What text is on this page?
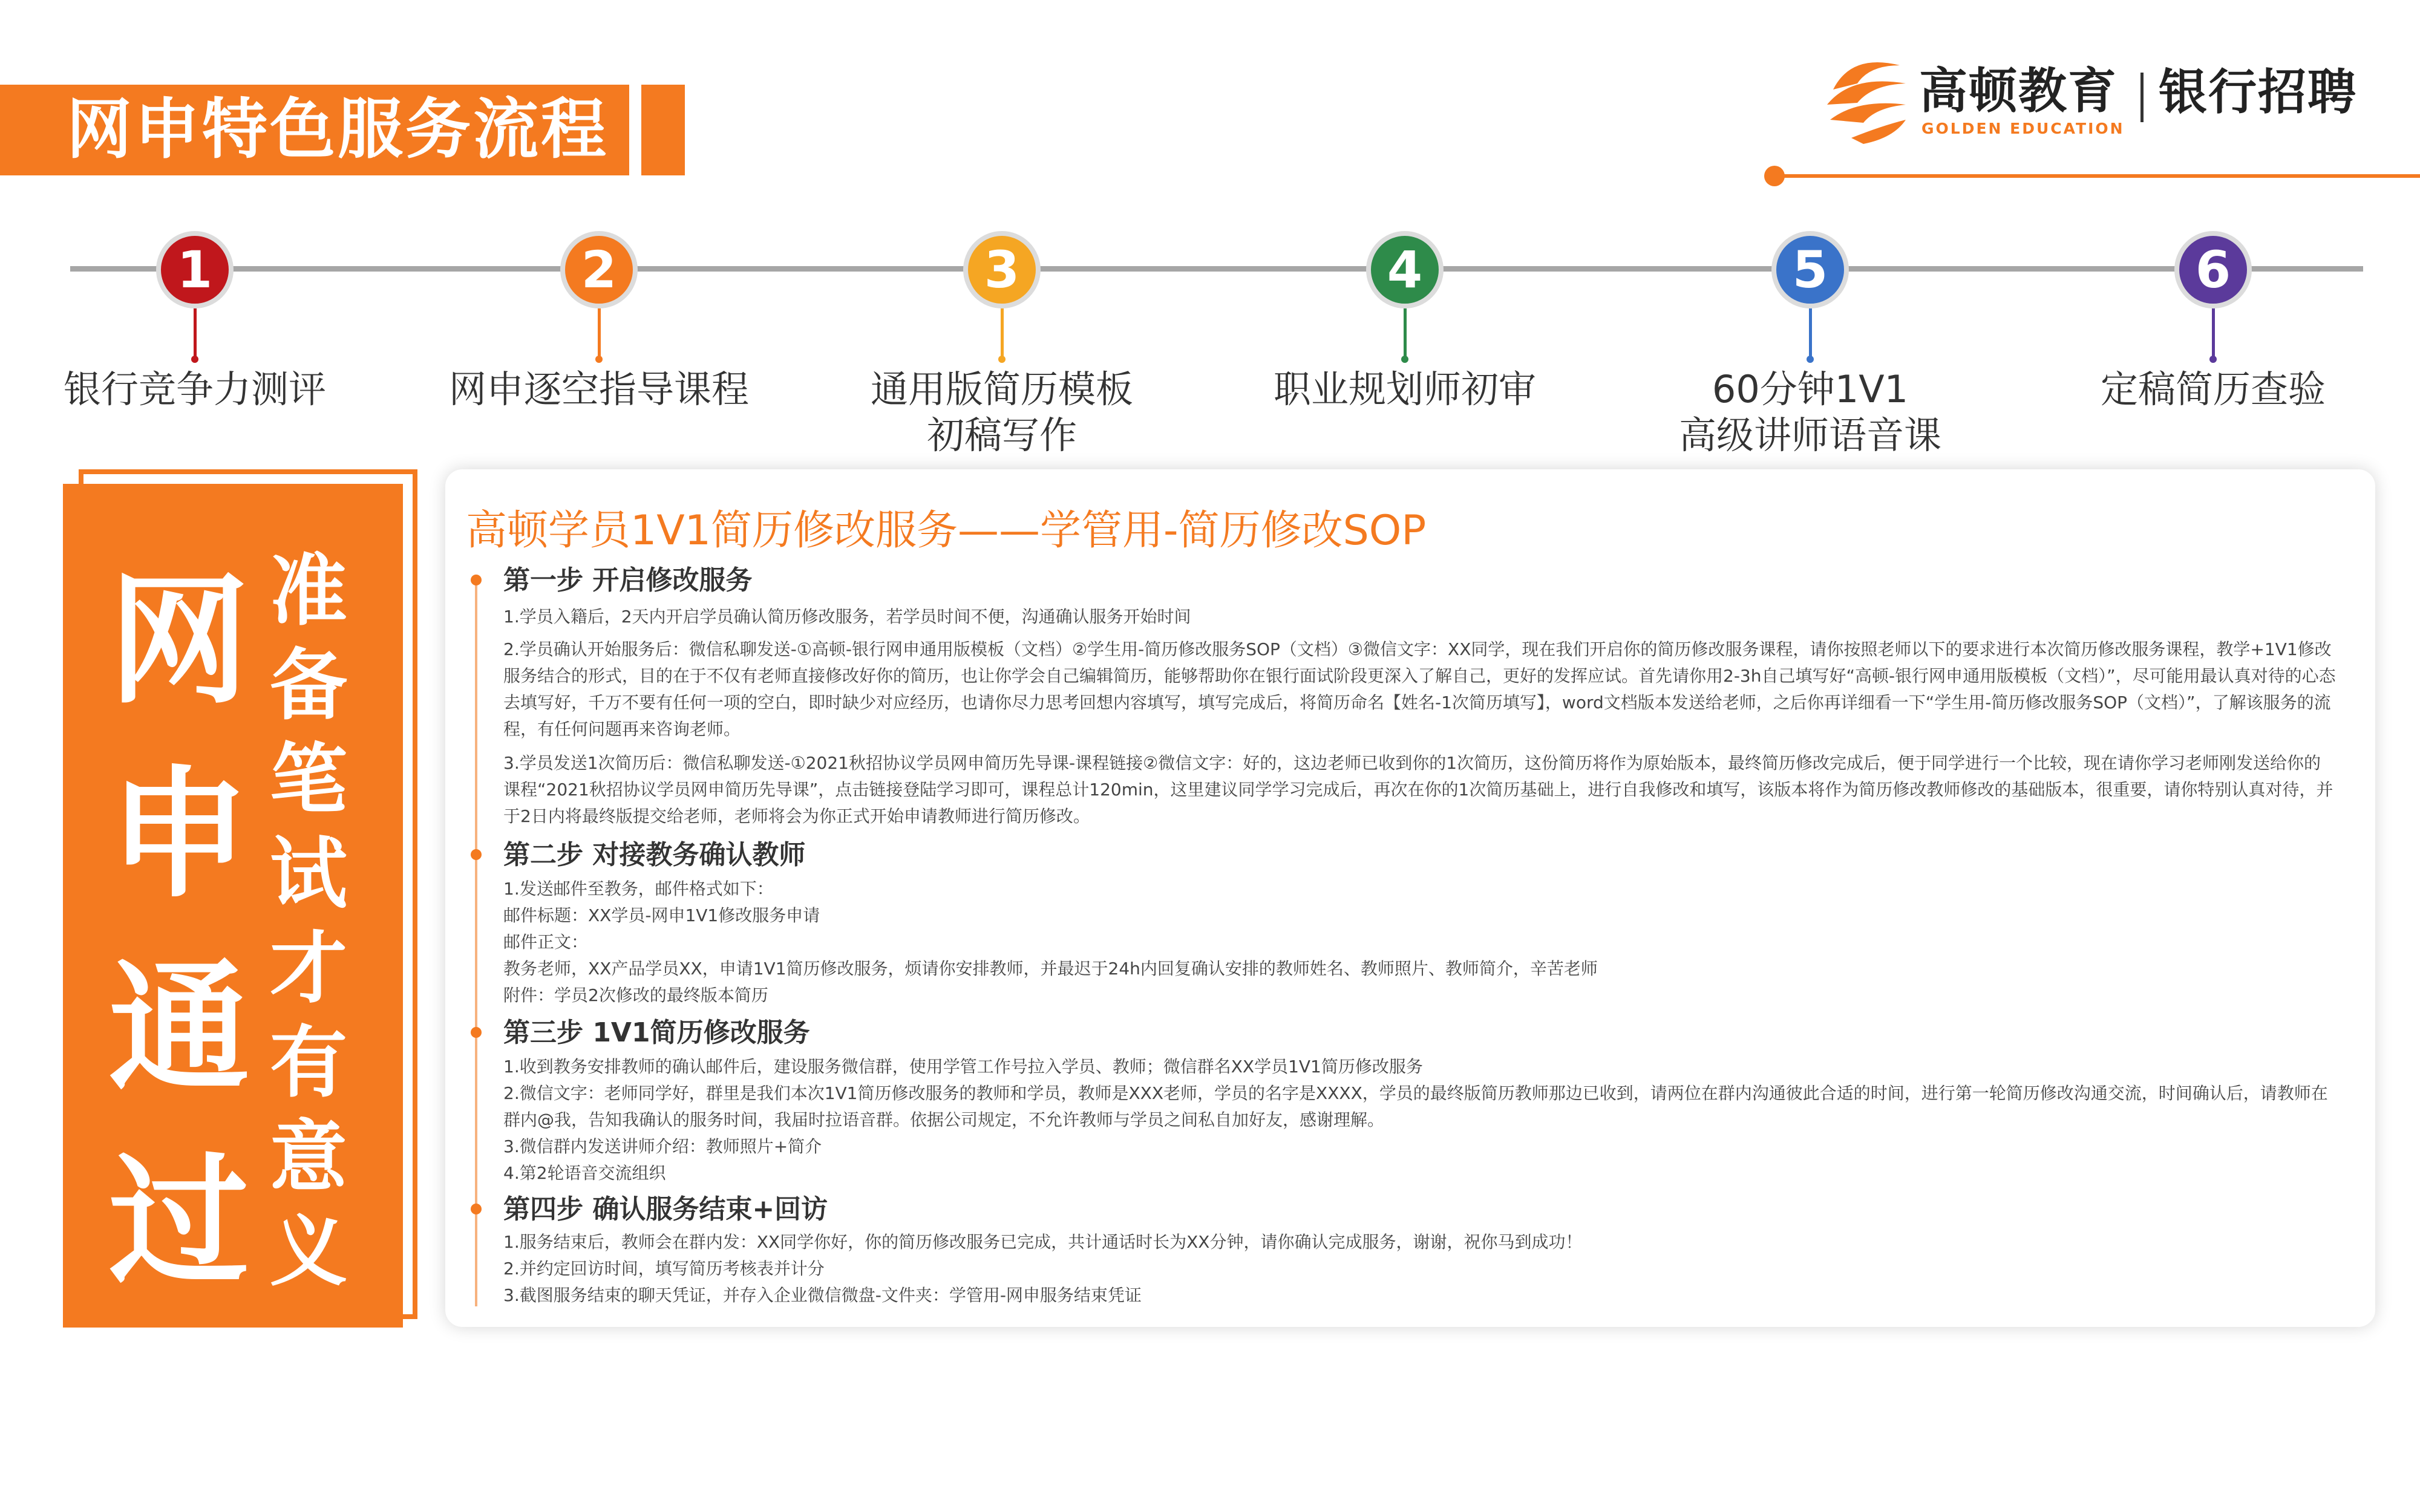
网申特色服务流程
高顿教育
GOLDEN EDUCATION
银行招聘
1
银行竞争力测评
2
网申逐空指导课程
3
通用版简历模板
初稿写作
4
职业规划师初审
5
60分钟1V1
高级讲师语音课
6
定稿简历查验
网申通过了
准备笔试才有意义
高顿学员1V1简历修改服务——学管用-简历修改SOP
第一步 开启修改服务
1.学员入籍后，2天内开启学员确认简历修改服务，若学员时间不便，沟通确认服务开始时间
2.学员确认开始服务后：微信私聊发送-①高顿-银行网申通用版模板（文档）②学生用-简历修改服务SOP（文档）③微信文字：XX同学，现在我们开启你的简历修改服务课程，请你按照老师以下的要求进行本次简历修改服务课程，教学+1V1修改服务结合的形式，目的在于不仅有老师直接修改好你的简历，也让你学会自己编辑简历，能够帮助你在银行面试阶段更深入了解自己，更好的发挥应试。首先请你用2-3h自己填写好“高顿-银行网申通用版模板（文档）”，尽可能用最认真对待的心态去填写好，千万不要有任何一项的空白，即时缺少对应经历，也请你尽力思考回想内容填写，填写完成后，将简历命名【姓名-1次简历填写】，word文档版本发送给老师，之后你再详细看一下“学生用-简历修改服务SOP（文档）”，了解该服务的流程，有任何问题再来咨询老师。
3.学员发送1次简历后：微信私聊发送-①2021秋招协议学员网申简历先导课-课程链接②微信文字：好的，这边老师已收到你的1次简历，这份简历将作为原始版本，最终简历修改完成后，便于同学进行一个比较，现在请你学习老师刚发送给你的课程“2021秋招协议学员网申简历先导课”，点击链接登陆学习即可，课程总计120min，这里建议同学学习完成后，再次在你的1次简历基础上，进行自我修改和填写，该版本将作为简历修改教师修改的基础版本，很重要，请你特别认真对待，并于2日内将最终版提交给老师，老师将会为你正式开始申请教师进行简历修改。
第二步 对接教务确认教师
1.发送邮件至教务，邮件格式如下：
邮件标题：XX学员-网申1V1修改服务申请
邮件正文：
教务老师，XX产品学员XX，申请1V1简历修改服务，烦请你安排教师，并最迟于24h内回复确认安排的教师姓名、教师照片、教师简介，辛苦老师
附件：学员2次修改的最终版本简历
第三步 1V1简历修改服务
1.收到教务安排教师的确认邮件后，建设服务微信群，使用学管工作号拉入学员、教师；微信群名XX学员1V1简历修改服务
2.微信文字：老师同学好，群里是我们本次1V1简历修改服务的教师和学员，教师是XXX老师，学员的名字是XXXX，学员的最终版简历教师那边已收到，请两位在群内沟通彼此合适的时间，进行第一轮简历修改沟通交流，时间确认后，请教师在群内@我，告知我确认的服务时间，我届时拉语音群。依据公司规定，不允许教师与学员之间私自加好友，感谢理解。
3.微信群内发送讲师介绍：教师照片+简介
4.第2轮语音交流组织
第四步 确认服务结束+回访
1.服务结束后，教师会在群内发：XX同学你好，你的简历修改服务已完成，共计通话时长为XX分钟，请你确认完成服务，谢谢，祝你马到成功！
2.并约定回访时间，填写简历考核表并计分
3.截图服务结束的聊天凭证，并存入企业微信微盘-文件夹：学管用-网申服务结束凭证
